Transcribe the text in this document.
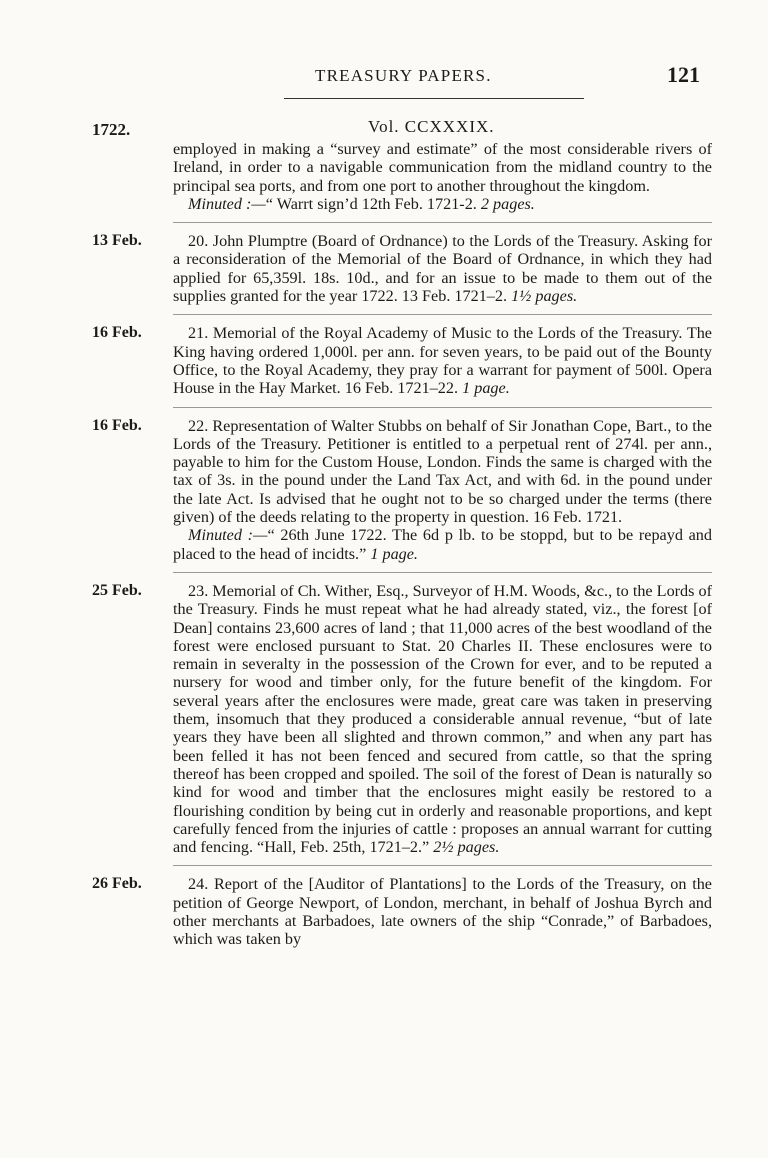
TREASURY PAPERS.	121
1722.	Vol. CCXXXIX.

employed in making a “survey and estimate” of the most considerable rivers of Ireland, in order to a navigable communication from the midland country to the principal sea ports, and from one port to another throughout the kingdom.

Minuted :—“ Warrt sign’d 12th Feb. 1721-2. 2 pages.

13 Feb.	20. John Plumptre (Board of Ordnance) to the Lords of the Treasury. Asking for a reconsideration of the Memorial of the Board of Ordnance, in which they had applied for 65,359l. 18s. 10d., and for an issue to be made to them out of the supplies granted for the year 1722. 13 Feb. 1721–2. 1½ pages.

16 Feb.	21. Memorial of the Royal Academy of Music to the Lords of the Treasury. The King having ordered 1,000l. per ann. for seven years, to be paid out of the Bounty Office, to the Royal Academy, they pray for a warrant for payment of 500l. Opera House in the Hay Market. 16 Feb. 1721–22. 1 page.

16 Feb.	22. Representation of Walter Stubbs on behalf of Sir Jonathan Cope, Bart., to the Lords of the Treasury. Petitioner is entitled to a perpetual rent of 274l. per ann., payable to him for the Custom House, London. Finds the same is charged with the tax of 3s. in the pound under the Land Tax Act, and with 6d. in the pound under the late Act. Is advised that he ought not to be so charged under the terms (there given) of the deeds relating to the property in question. 16 Feb. 1721.

Minuted :—“ 26th June 1722. The 6d p lb. to be stoppd, but to be repayd and placed to the head of incidts.” 1 page.

25 Feb.	23. Memorial of Ch. Wither, Esq., Surveyor of H.M. Woods, &c., to the Lords of the Treasury. Finds he must repeat what he had already stated, viz., the forest [of Dean] contains 23,600 acres of land ; that 11,000 acres of the best woodland of the forest were enclosed pursuant to Stat. 20 Charles II. These enclosures were to remain in severalty in the possession of the Crown for ever, and to be reputed a nursery for wood and timber only, for the future benefit of the kingdom. For several years after the enclosures were made, great care was taken in preserving them, insomuch that they produced a considerable annual revenue, “but of late years they have been all slighted and thrown common,” and when any part has been felled it has not been fenced and secured from cattle, so that the spring thereof has been cropped and spoiled. The soil of the forest of Dean is naturally so kind for wood and timber that the enclosures might easily be restored to a flourishing condition by being cut in orderly and reasonable proportions, and kept carefully fenced from the injuries of cattle : proposes an annual warrant for cutting and fencing. “Hall, Feb. 25th, 1721–2.” 2½ pages.

26 Feb.	24. Report of the [Auditor of Plantations] to the Lords of the Treasury, on the petition of George Newport, of London, merchant, in behalf of Joshua Byrch and other merchants at Barbadoes, late owners of the ship “Conrade,” of Barbadoes, which was taken by
